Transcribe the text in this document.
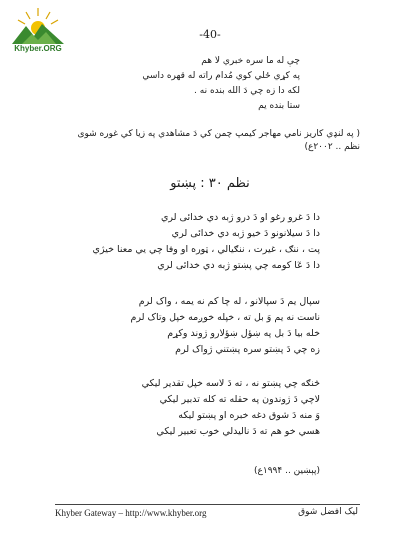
Khyber.ORG
-40-
چې له ما سره خبري لا هم
په کړي ځلي کوي مُدام راته له قهره داسي
لکه دا زه چي دَ الله بنده نه .
ستا بنده يم
( په لنډي کاريز نامي مهاجر کيمپ چمن کي دَ مشاهدي په زيا کي غوره شوی نظم .. ۲۰۰۲ع)
نظم ۳۰ : پښتو
دا دَ غرو رغو او دَ درو ژبه دي خدائی لري
دا دَ سيلانونو دَ خيو ژبه دي خدائی لري
پت ، ننګ ، غيرت ، ننګيالي ، ټوره او وفا چي يي معنا خيژي
دا دَ عٓا كومه چي پښتو ژبه دي خدائی لري
سپال يم دَ سپالانو ، له چا کم نه يمه ، واک لرم
ناست نه يم وَ بل ته ، خپله خوږمه خپل وتاک لرم
خله بيا دَ بل په ښؤل ښؤلارو ژوند وکړم
زه چي دَ پښتو سره پښتني ژواک لرم
څنګه چي پښتو نه ، ته دَ لاسه خپل تقدير ليکي
لاچي دَ ژوندون په حقله ته کله تدبير ليکي
وَ منه دَ شوق دغه خبره او پښتو ليکه
هسي خو هم ته دَ ناليدلي خوب تعبير ليکي
(پېښين .. ۱۹۹۴ع)
Khyber Gateway – http://www.khyber.org	ليک افضل شوق
